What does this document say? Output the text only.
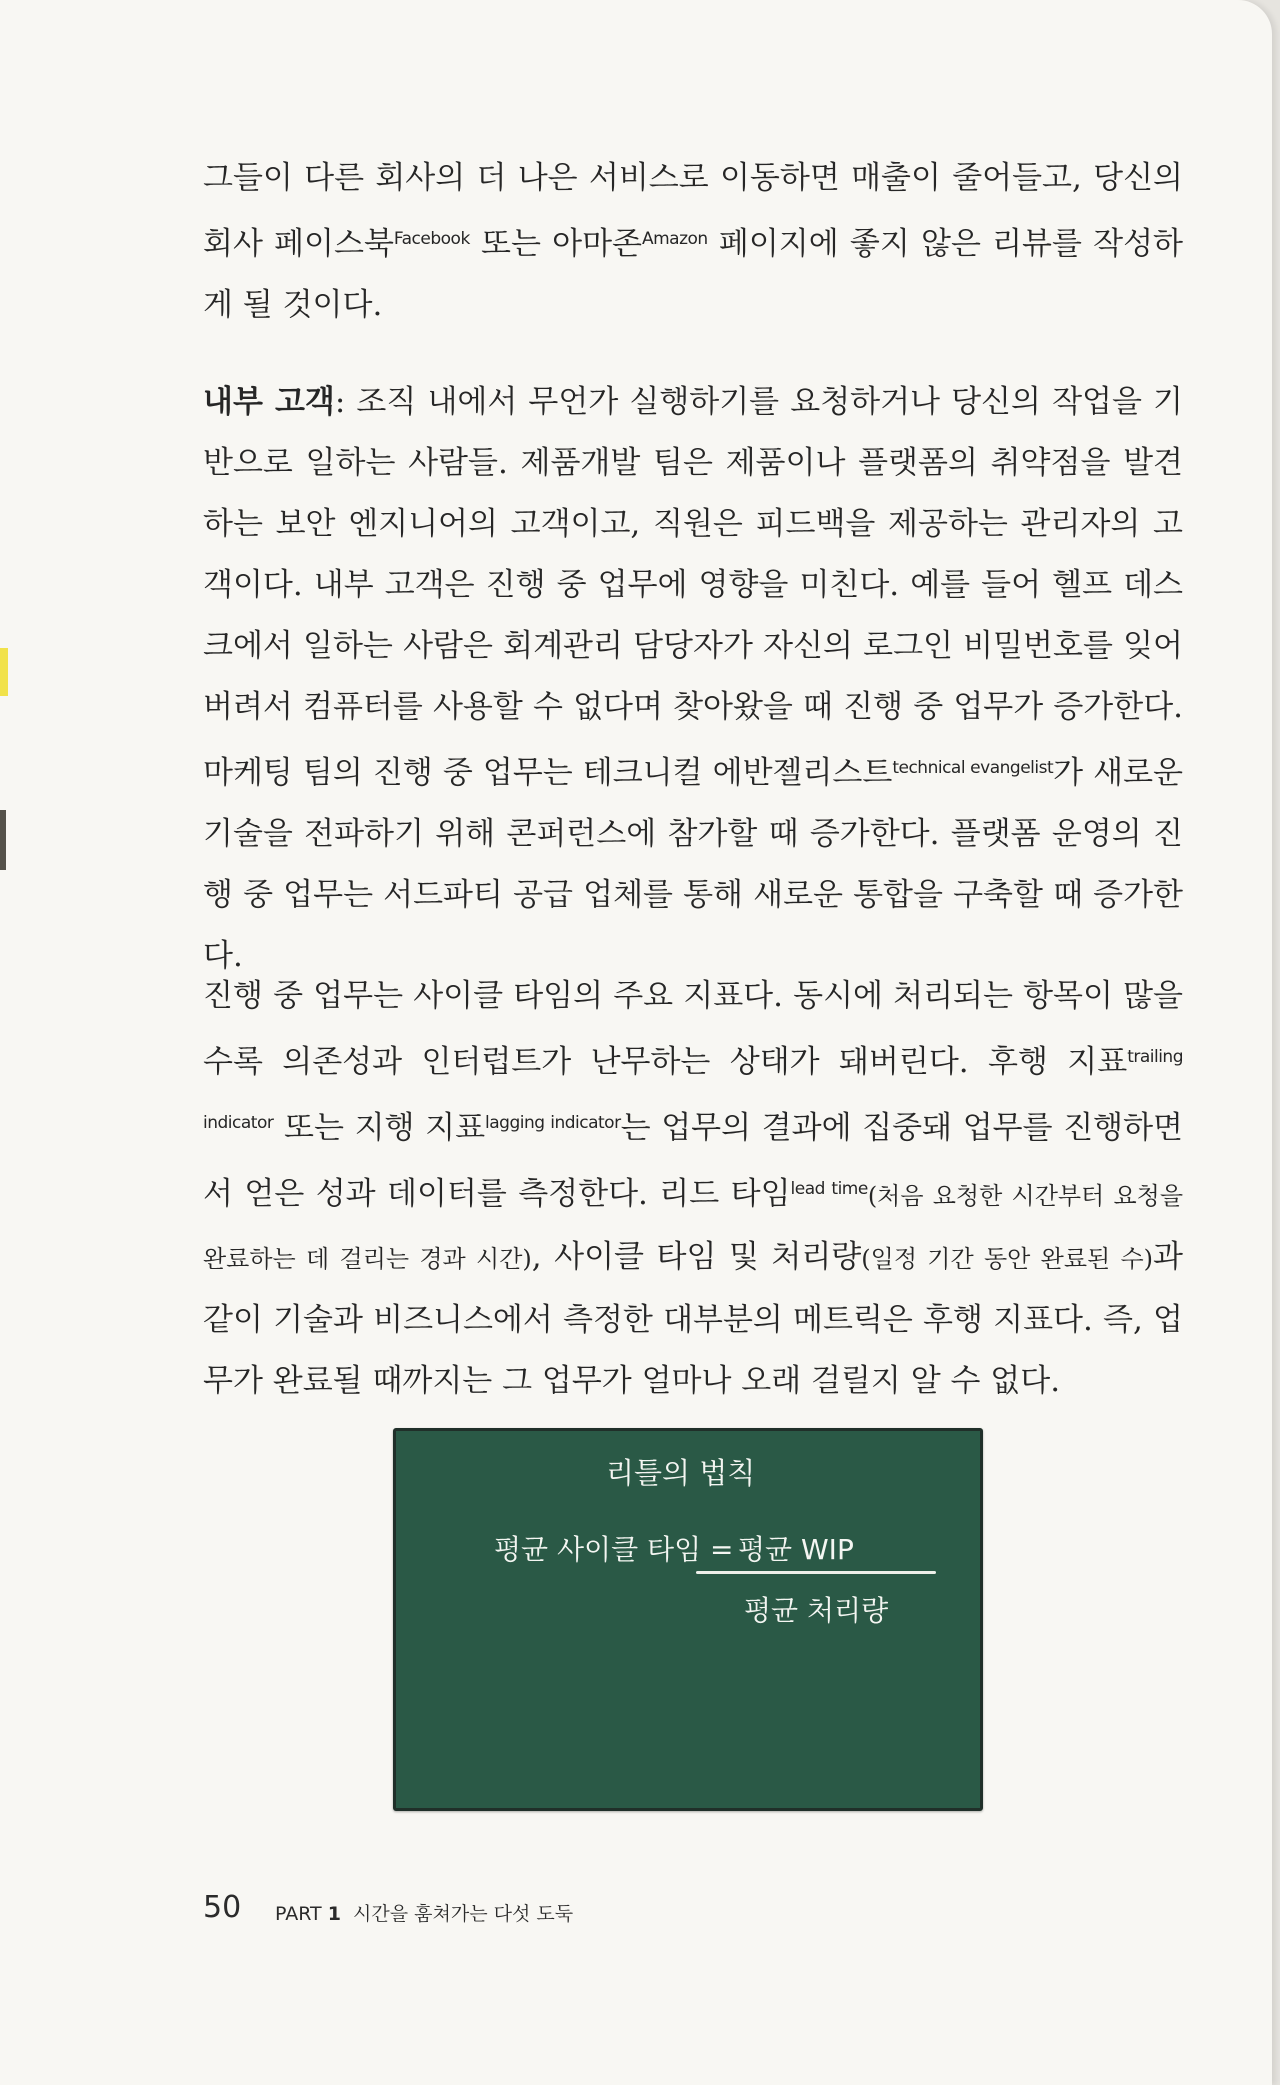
그들이 다른 회사의 더 나은 서비스로 이동하면 매출이 줄어들고, 당신의 회사 페이스북$^{Facebook}$ 또는 아마존$^{Amazon}$ 페이지에 좋지 않은 리뷰를 작성하게 될 것이다.

내부 고객: 조직 내에서 무언가 실행하기를 요청하거나 당신의 작업을 기반으로 일하는 사람들. 제품개발 팀은 제품이나 플랫폼의 취약점을 발견하는 보안 엔지니어의 고객이고, 직원은 피드백을 제공하는 관리자의 고객이다. 내부 고객은 진행 중 업무에 영향을 미친다. 예를 들어 헬프 데스크에서 일하는 사람은 회계관리 담당자가 자신의 로그인 비밀번호를 잊어버려서 컴퓨터를 사용할 수 없다며 찾아왔을 때 진행 중 업무가 증가한다. 마케팅 팀의 진행 중 업무는 테크니컬 에반젤리스트$^{technical evangelist}$가 새로운 기술을 전파하기 위해 콘퍼런스에 참가할 때 증가한다. 플랫폼 운영의 진행 중 업무는 서드파티 공급 업체를 통해 새로운 통합을 구축할 때 증가한다.

진행 중 업무는 사이클 타임의 주요 지표다. 동시에 처리되는 항목이 많을수록 의존성과 인터럽트가 난무하는 상태가 돼버린다. 후행 지표$^{trailing indicator}$ 또는 지행 지표$^{lagging indicator}$는 업무의 결과에 집중돼 업무를 진행하면서 얻은 성과 데이터를 측정한다. 리드 타임$^{lead time}$(처음 요청한 시간부터 요청을 완료하는 데 걸리는 경과 시간), 사이클 타임 및 처리량(일정 기간 동안 완료된 수)과 같이 기술과 비즈니스에서 측정한 대부분의 메트릭은 후행 지표다. 즉, 업무가 완료될 때까지는 그 업무가 얼마나 오래 걸릴지 알 수 없다.

리틀의 법칙
평균 사이클 타임 = 평균 WIP
평균 처리량
50 PART 1 시간을 훔쳐가는 다섯 도둑
